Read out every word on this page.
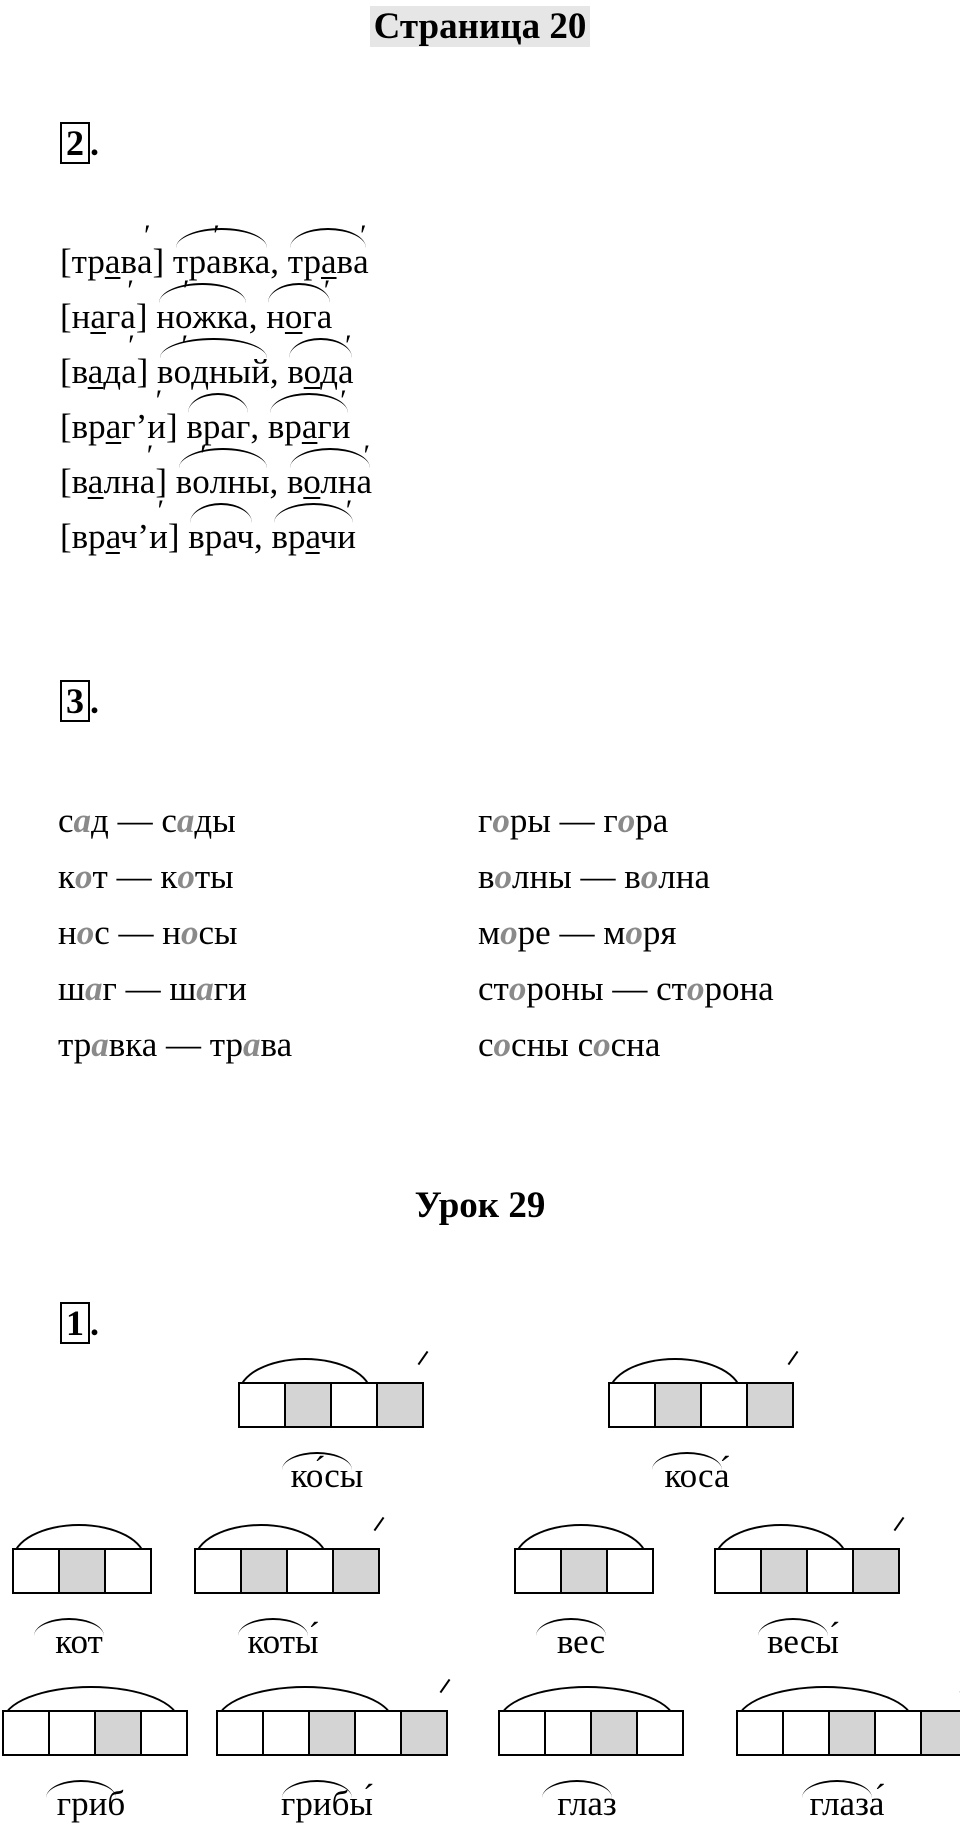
Страница 20
2 .
[трава ′] тра ′вка, трава ′
[нага ′] но ′жка, нога ′
[вада ′] во ′дный, вода ′
[враг’и ′] враг, враги ′
[вална ′] во ′лны, волна ′
[врач’и ′] врач, врачи ′
3 .
сад — сады
кот — коты
нос — носы
шаг — шаги
травка — трава
горы — гора
волны — волна
море — моря
стороны — сторона
сосны сосна
Урок 29
1 .
ко́сы	коса́
кот	коты́	вес	весы́
гриб	грибы́	глаз	глаза́
